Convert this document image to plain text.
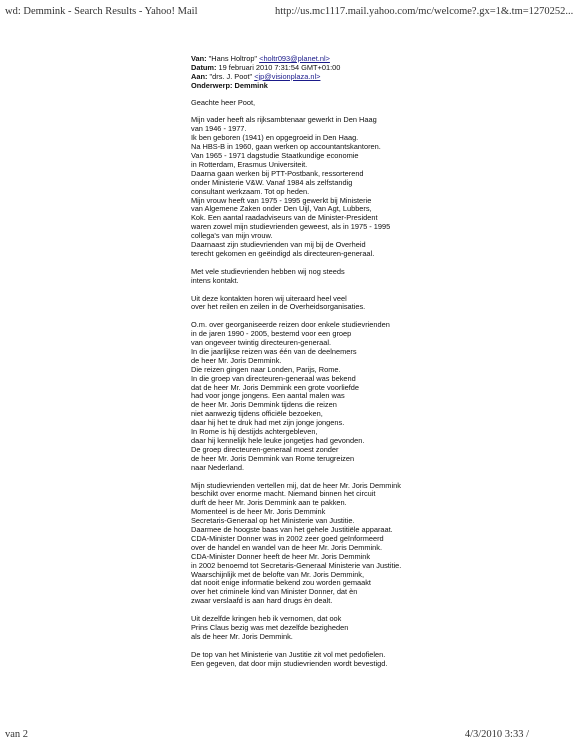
wd: Demmink - Search Results - Yahoo! Mail	http://us.mc1117.mail.yahoo.com/mc/welcome?.gx=1&.tm=1270252...
Van: "Hans Holtrop" <holtr093@planet.nl>
Datum: 19 februari 2010 7:31:54 GMT+01:00
Aan: "drs. J. Poot" <jp@visionplaza.nl>
Onderwerp: Demmink
Geachte heer Poot,
Mijn vader heeft als rijksambtenaar gewerkt in Den Haag
van 1946 - 1977.
Ik ben geboren (1941) en opgegroeid in Den Haag.
Na HBS-B in 1960, gaan werken op accountantskantoren.
Van 1965 - 1971 dagstudie Staatkundige economie
in Rotterdam, Erasmus Universiteit.
Daarna gaan werken bij PTT-Postbank, ressorterend
onder Ministerie V&W. Vanaf 1984 als zelfstandig
consultant werkzaam. Tot op heden.
Mijn vrouw heeft van 1975 - 1995 gewerkt bij Ministerie
van Algemene Zaken onder Den Uijl, Van Agt, Lubbers,
Kok. Een aantal raadadviseurs van de Minister-President
waren zowel mijn studievrienden geweest, als in 1975 - 1995
collega's van mijn vrouw.
Daarnaast zijn studievrienden van mij bij de Overheid
terecht gekomen en geëindigd als directeuren-generaal.
Met vele studievrienden hebben wij nog steeds
intens kontakt.
Uit deze kontakten horen wij uiteraard heel veel
over het reilen en zeilen in de Overheidsorganisaties.
O.m. over georganiseerde reizen door enkele studievrienden
in de jaren 1990 - 2005, bestemd voor een groep
van ongeveer twintig directeuren-generaal.
In die jaarlijkse reizen was één van de deelnemers
de heer Mr. Joris Demmink.
Die reizen gingen naar Londen, Parijs, Rome.
In die groep van directeuren-generaal was bekend
dat de heer Mr. Joris Demmink een grote voorliefde
had voor jonge jongens. Een aantal malen was
de heer Mr. Joris Demmink tijdens die reizen
niet aanwezig tijdens officiële bezoeken,
daar hij het te druk had met zijn jonge jongens.
In Rome is hij destijds achtergebleven,
daar hij kennelijk hele leuke jongetjes had gevonden.
De groep directeuren-generaal moest zonder
de heer Mr. Joris Demmink van Rome terugreizen
naar Nederland.
Mijn studievrienden vertellen mij, dat de heer Mr. Joris Demmink
beschikt over enorme macht. Niemand binnen het circuit
durft de heer Mr. Joris Demmink aan te pakken.
Momenteel is de heer Mr. Joris Demmink
Secretaris-Generaal op het Ministerie van Justitie.
Daarmee de hoogste baas van het gehele Justitiële apparaat.
CDA-Minister Donner was in 2002 zeer goed geïnformeerd
over de handel en wandel van de heer Mr. Joris Demmink.
CDA-Minister Donner heeft de heer Mr. Joris Demmink
in 2002 benoemd tot Secretaris-Generaal Ministerie van Justitie.
Waarschijnlijk met de belofte van Mr. Joris Demmink,
dat nooit enige informatie bekend zou worden gemaakt
over het criminele kind van Minister Donner, dat èn
zwaar verslaafd is aan hard drugs èn dealt.
Uit dezelfde kringen heb ik vernomen, dat ook
Prins Claus bezig was met dezelfde bezigheden
als de heer Mr. Joris Demmink.
De top van het Ministerie van Justitie zit vol met pedofielen.
Een gegeven, dat door mijn studievrienden wordt bevestigd.
van 2	4/3/2010 3:33 /
